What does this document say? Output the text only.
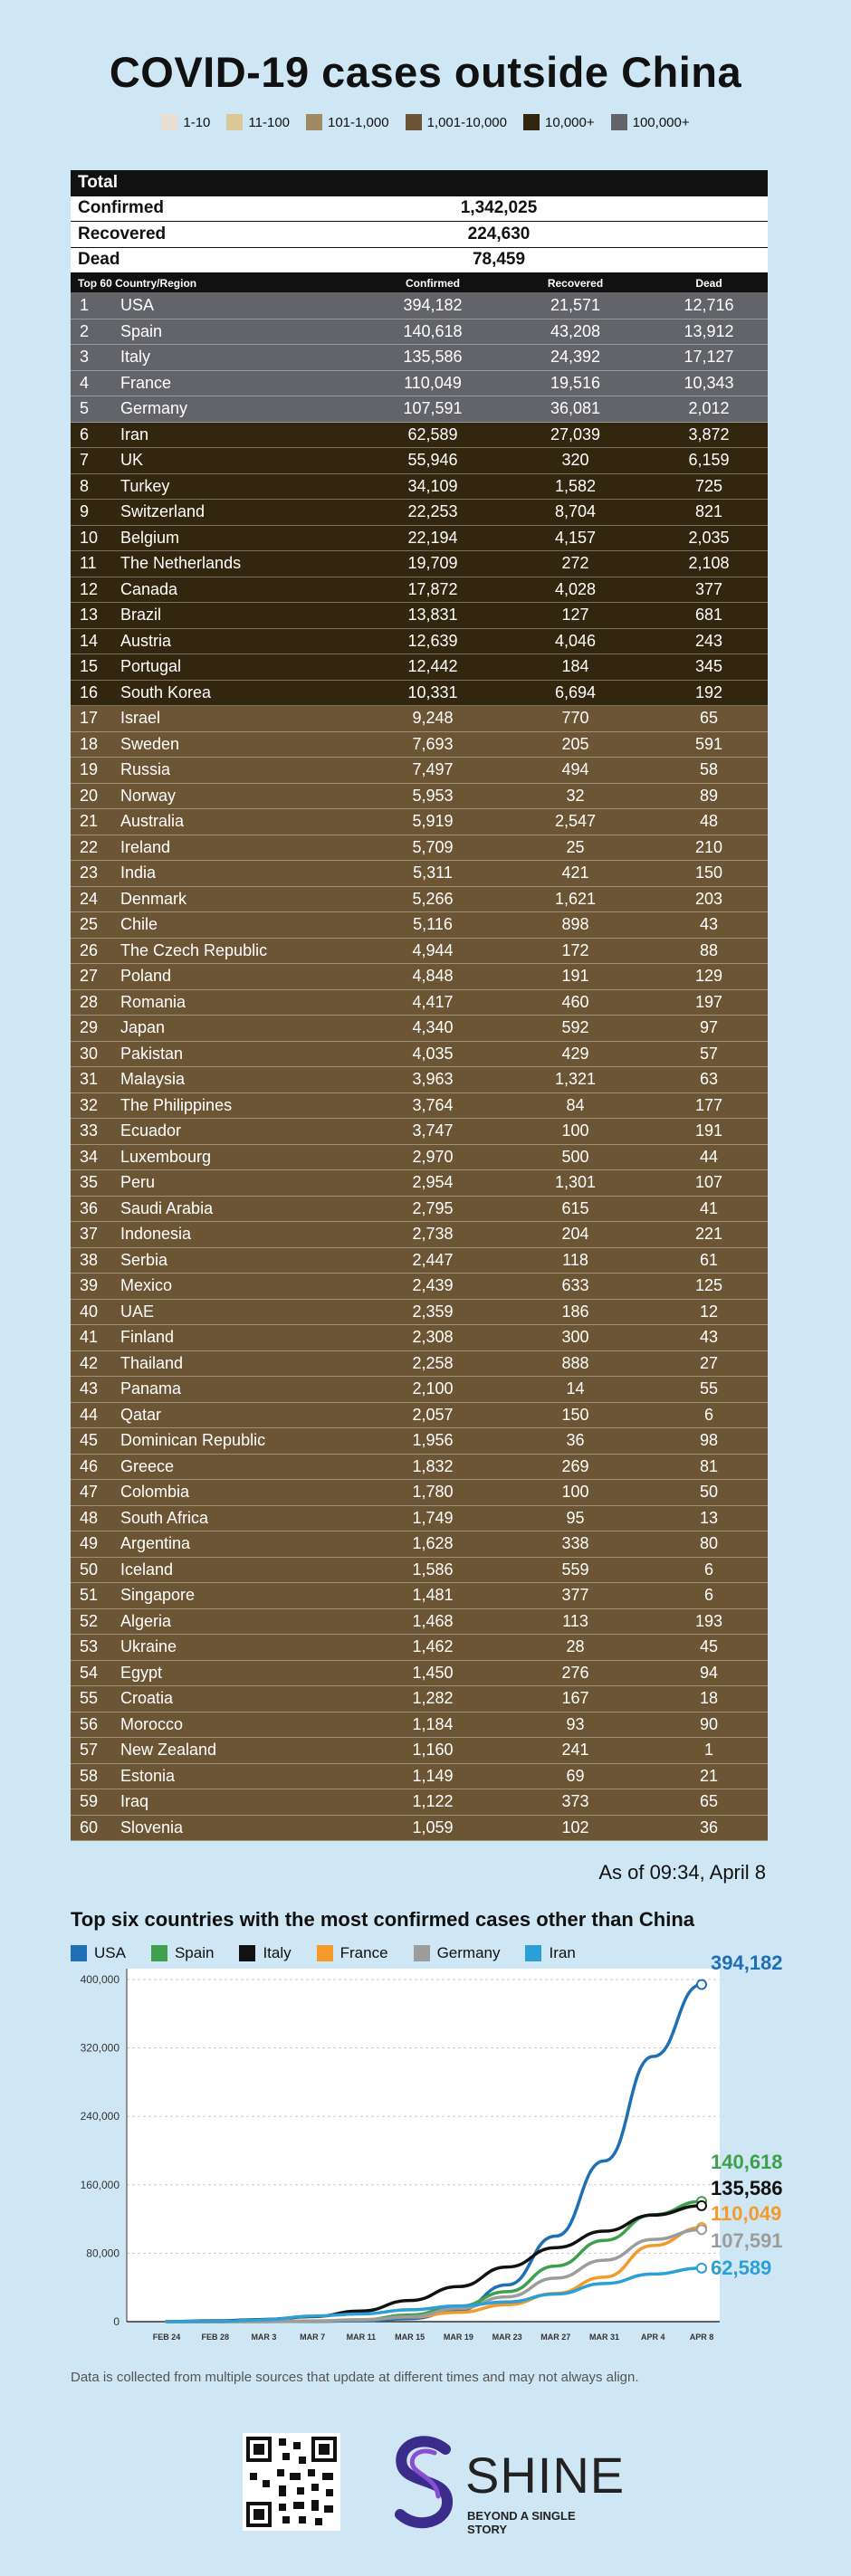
COVID-19 cases outside China
1-10	11-100	101-1,000	1,001-10,000	10,000+	100,000+
Total
Confirmed	1,342,025
Recovered	224,630
Dead	78,459
Top 60 Country/Region	Confirmed	Recovered	Dead
1	USA	394,182	21,571	12,716
2	Spain	140,618	43,208	13,912
3	Italy	135,586	24,392	17,127
4	France	110,049	19,516	10,343
5	Germany	107,591	36,081	2,012
6	Iran	62,589	27,039	3,872
7	UK	55,946	320	6,159
8	Turkey	34,109	1,582	725
9	Switzerland	22,253	8,704	821
10	Belgium	22,194	4,157	2,035
11	The Netherlands	19,709	272	2,108
12	Canada	17,872	4,028	377
13	Brazil	13,831	127	681
14	Austria	12,639	4,046	243
15	Portugal	12,442	184	345
16	South Korea	10,331	6,694	192
17	Israel	9,248	770	65
18	Sweden	7,693	205	591
19	Russia	7,497	494	58
20	Norway	5,953	32	89
21	Australia	5,919	2,547	48
22	Ireland	5,709	25	210
23	India	5,311	421	150
24	Denmark	5,266	1,621	203
25	Chile	5,116	898	43
26	The Czech Republic	4,944	172	88
27	Poland	4,848	191	129
28	Romania	4,417	460	197
29	Japan	4,340	592	97
30	Pakistan	4,035	429	57
31	Malaysia	3,963	1,321	63
32	The Philippines	3,764	84	177
33	Ecuador	3,747	100	191
34	Luxembourg	2,970	500	44
35	Peru	2,954	1,301	107
36	Saudi Arabia	2,795	615	41
37	Indonesia	2,738	204	221
38	Serbia	2,447	118	61
39	Mexico	2,439	633	125
40	UAE	2,359	186	12
41	Finland	2,308	300	43
42	Thailand	2,258	888	27
43	Panama	2,100	14	55
44	Qatar	2,057	150	6
45	Dominican Republic	1,956	36	98
46	Greece	1,832	269	81
47	Colombia	1,780	100	50
48	South Africa	1,749	95	13
49	Argentina	1,628	338	80
50	Iceland	1,586	559	6
51	Singapore	1,481	377	6
52	Algeria	1,468	113	193
53	Ukraine	1,462	28	45
54	Egypt	1,450	276	94
55	Croatia	1,282	167	18
56	Morocco	1,184	93	90
57	New Zealand	1,160	241	1
58	Estonia	1,149	69	21
59	Iraq	1,122	373	65
60	Slovenia	1,059	102	36
As of 09:34, April 8
Top six countries with the most confirmed cases other than China
USA	Spain	Italy	France	Germany	Iran
400,000
320,000
240,000
160,000
80,000
0
FEB 24	FEB 28	MAR 3	MAR 7	MAR 11 MAR 15 MAR 19 MAR 23 MAR 27 MAR 31	APR 4	APR 8
394,182
140,618
135,586
110,049
107,591
62,589
Data is collected from multiple sources that update at different times and may not always align.
SHINE
BEYOND A SINGLE STORY
